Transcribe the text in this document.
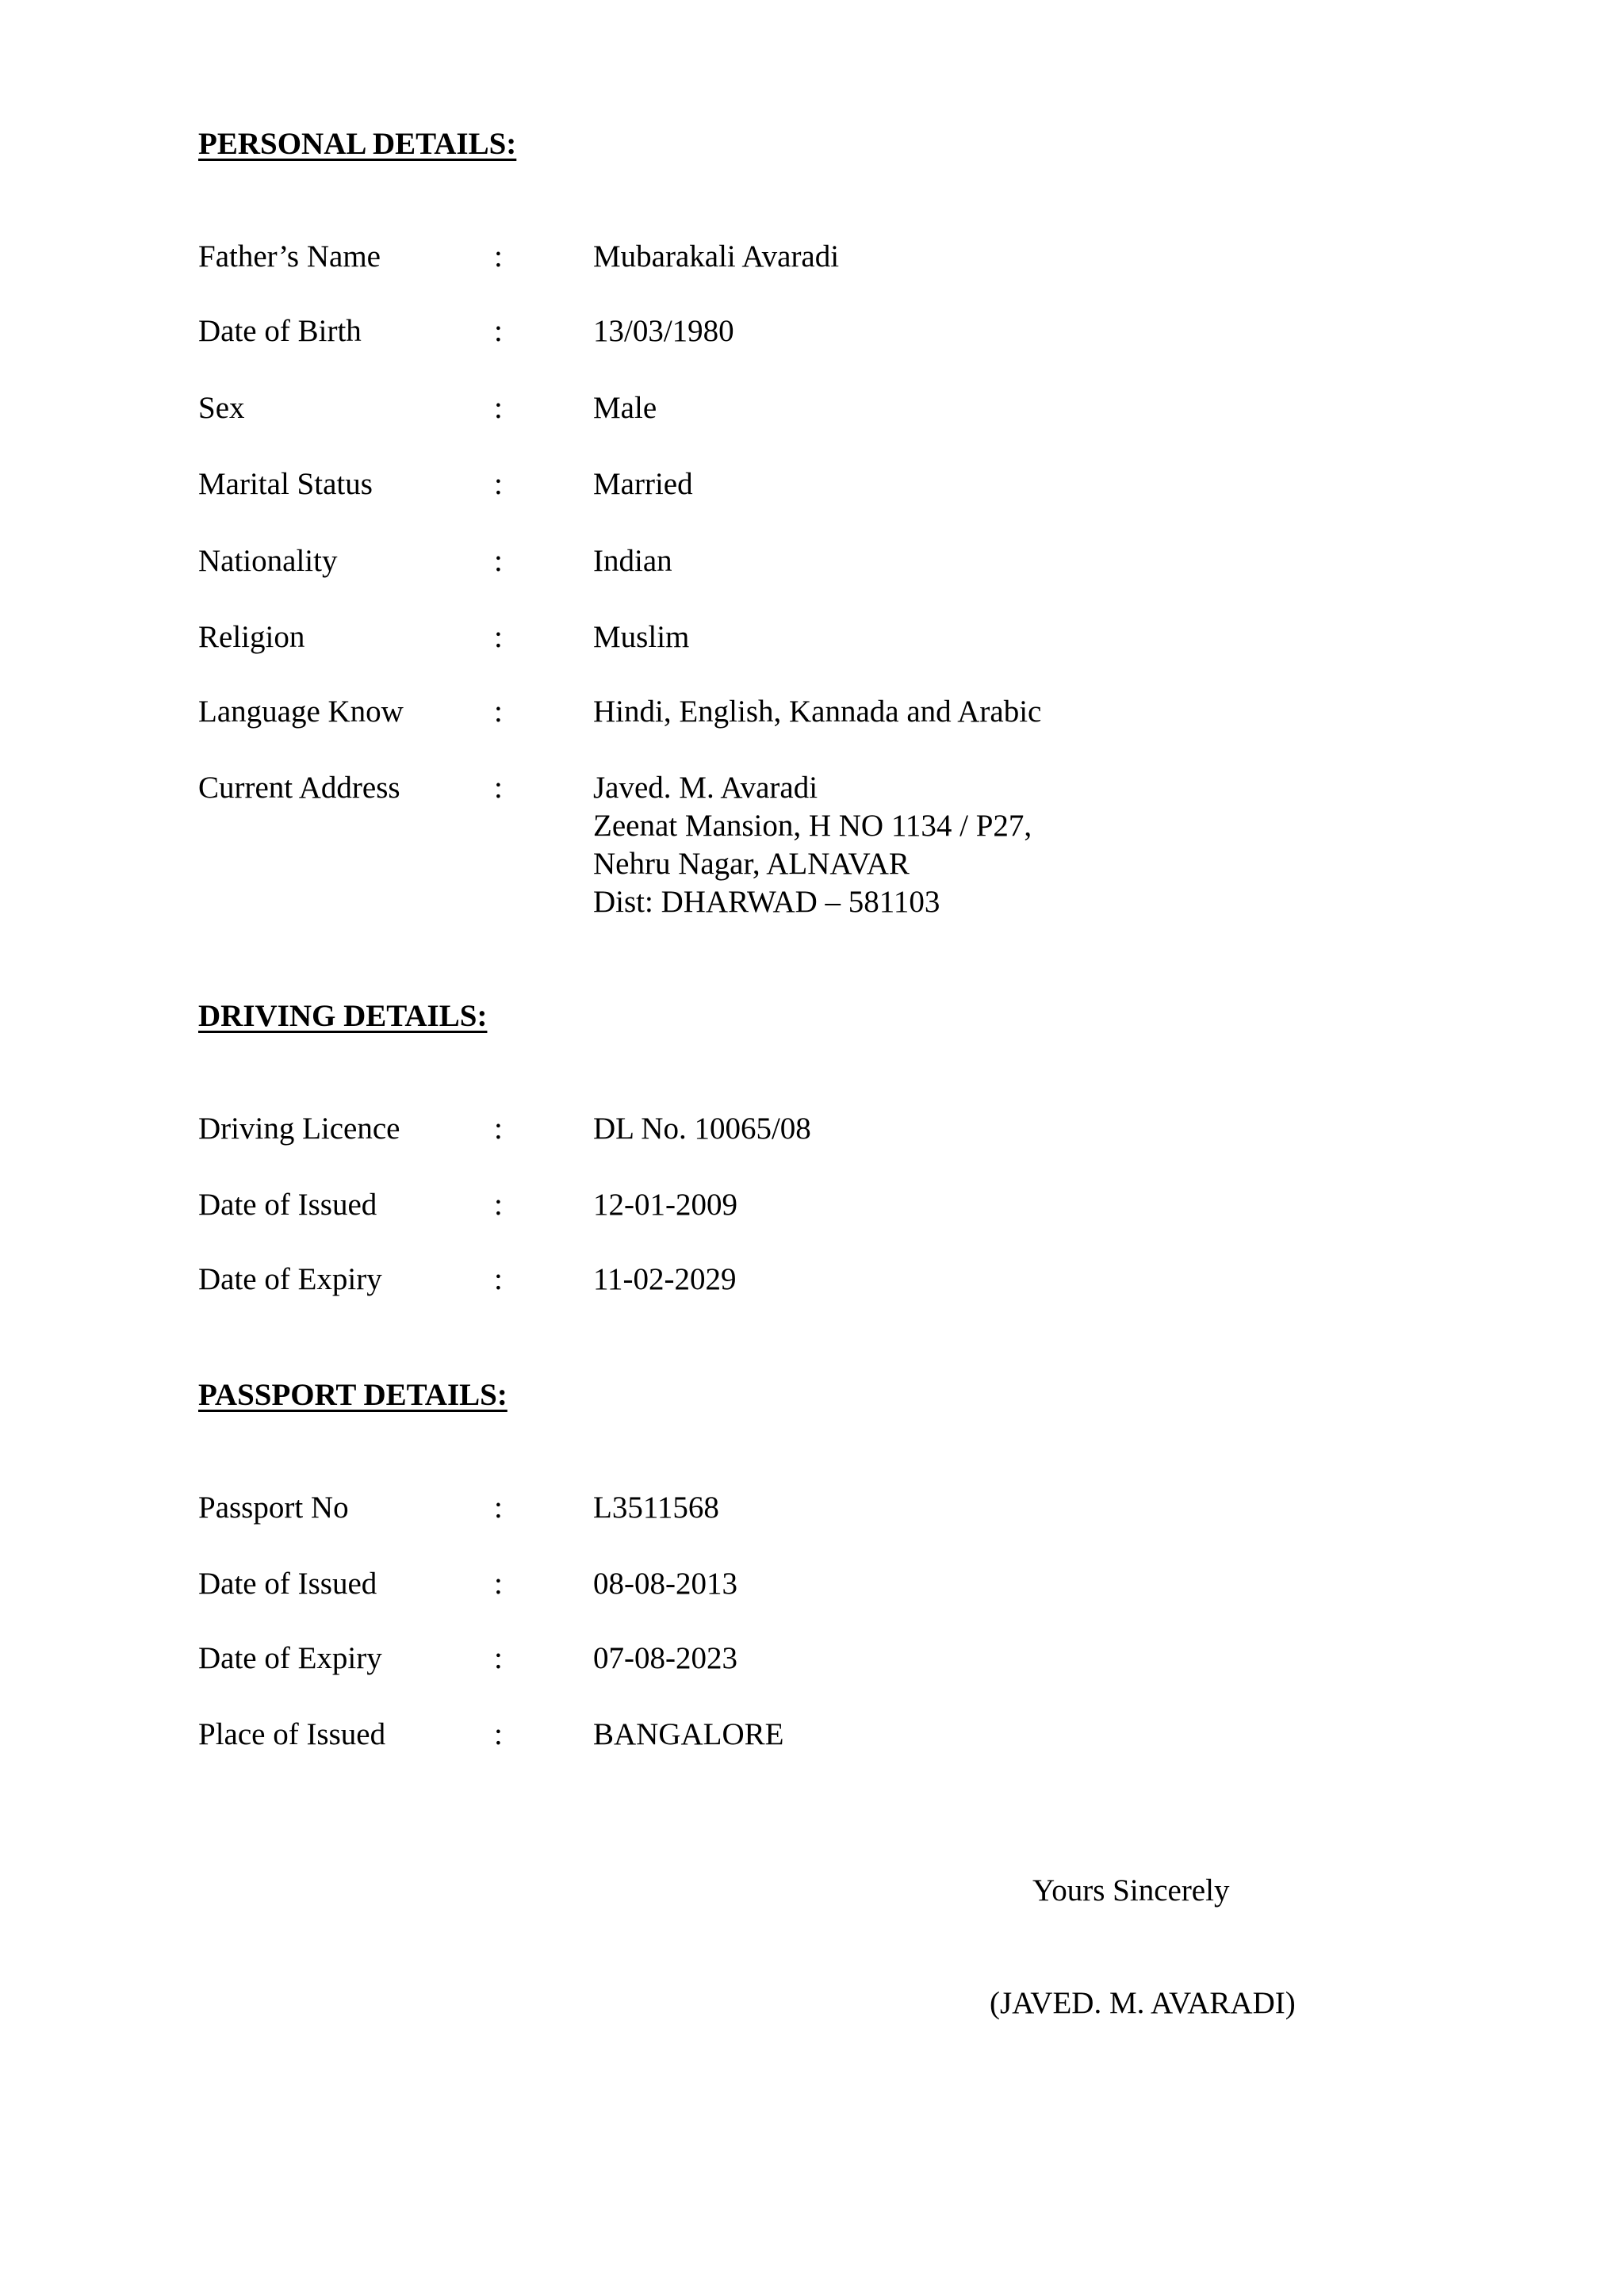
PERSONAL DETAILS:
Father’s Name	:	Mubarakali Avaradi
Date of Birth	:	13/03/1980
Sex	:	Male
Marital Status	:	Married
Nationality	:	Indian
Religion	:	Muslim
Language Know	:	Hindi, English, Kannada and Arabic
Current Address	:	Javed. M. Avaradi
Zeenat Mansion, H NO 1134 / P27,
Nehru Nagar, ALNAVAR
Dist: DHARWAD – 581103
DRIVING DETAILS:
Driving Licence	:	DL No. 10065/08
Date of Issued	:	12-01-2009
Date of Expiry	:	11-02-2029
PASSPORT DETAILS:
Passport No	:	L3511568
Date of Issued	:	08-08-2013
Date of Expiry	:	07-08-2023
Place of Issued	:	BANGALORE
Yours Sincerely
(JAVED. M. AVARADI)
